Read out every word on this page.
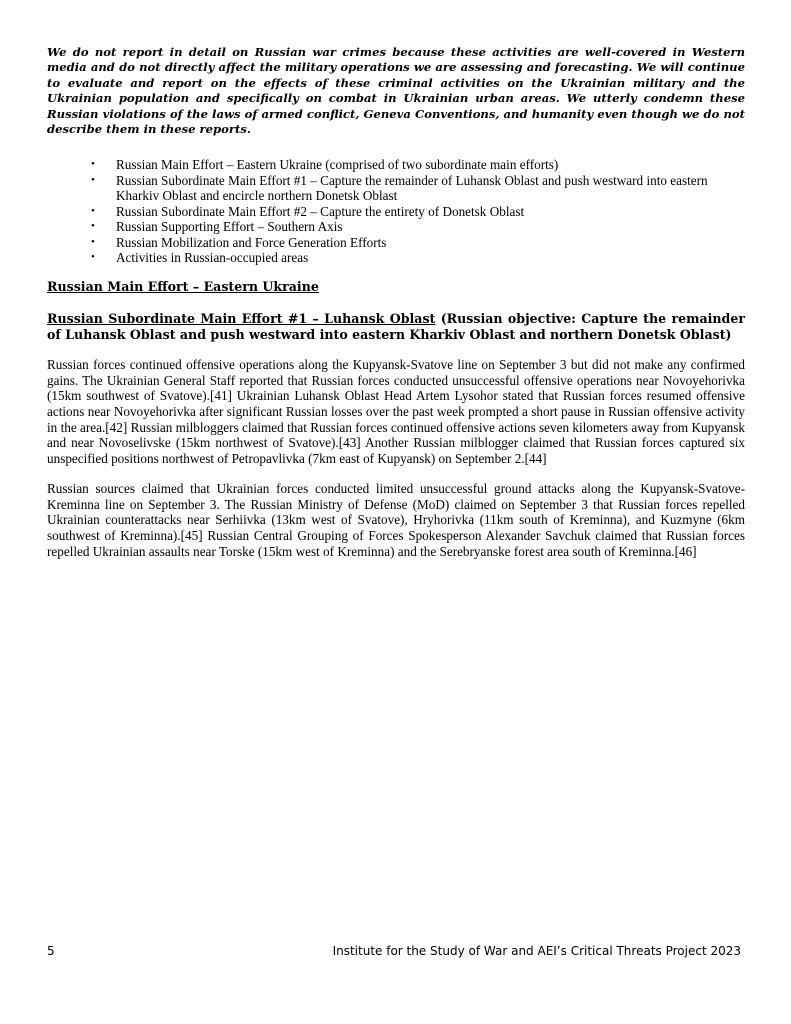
We do not report in detail on Russian war crimes because these activities are well-covered in Western media and do not directly affect the military operations we are assessing and forecasting. We will continue to evaluate and report on the effects of these criminal activities on the Ukrainian military and the Ukrainian population and specifically on combat in Ukrainian urban areas. We utterly condemn these Russian violations of the laws of armed conflict, Geneva Conventions, and humanity even though we do not describe them in these reports.

• Russian Main Effort – Eastern Ukraine (comprised of two subordinate main efforts)
• Russian Subordinate Main Effort #1 – Capture the remainder of Luhansk Oblast and push westward into eastern Kharkiv Oblast and encircle northern Donetsk Oblast
• Russian Subordinate Main Effort #2 – Capture the entirety of Donetsk Oblast
• Russian Supporting Effort – Southern Axis
• Russian Mobilization and Force Generation Efforts
• Activities in Russian-occupied areas

Russian Main Effort – Eastern Ukraine

Russian Subordinate Main Effort #1 – Luhansk Oblast (Russian objective: Capture the remainder of Luhansk Oblast and push westward into eastern Kharkiv Oblast and northern Donetsk Oblast)

Russian forces continued offensive operations along the Kupyansk-Svatove line on September 3 but did not make any confirmed gains. The Ukrainian General Staff reported that Russian forces conducted unsuccessful offensive operations near Novoyehorivka (15km southwest of Svatove).[41] Ukrainian Luhansk Oblast Head Artem Lysohor stated that Russian forces resumed offensive actions near Novoyehorivka after significant Russian losses over the past week prompted a short pause in Russian offensive activity in the area.[42] Russian milbloggers claimed that Russian forces continued offensive actions seven kilometers away from Kupyansk and near Novoselivske (15km northwest of Svatove).[43] Another Russian milblogger claimed that Russian forces captured six unspecified positions northwest of Petropavlivka (7km east of Kupyansk) on September 2.[44]

Russian sources claimed that Ukrainian forces conducted limited unsuccessful ground attacks along the Kupyansk-Svatove-Kreminna line on September 3. The Russian Ministry of Defense (MoD) claimed on September 3 that Russian forces repelled Ukrainian counterattacks near Serhiivka (13km west of Svatove), Hryhorivka (11km south of Kreminna), and Kuzmyne (6km southwest of Kreminna).[45] Russian Central Grouping of Forces Spokesperson Alexander Savchuk claimed that Russian forces repelled Ukrainian assaults near Torske (15km west of Kreminna) and the Serebryanske forest area south of Kreminna.[46]

5	Institute for the Study of War and AEI’s Critical Threats Project 2023
